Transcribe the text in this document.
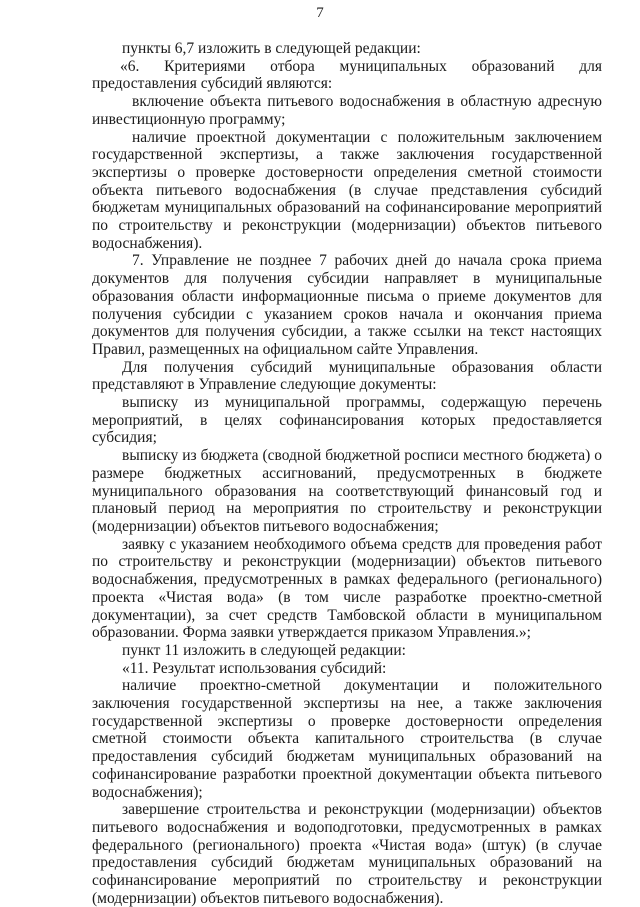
7

пункты 6,7 изложить в следующей редакции:

«6. Критериями отбора муниципальных образований для предоставления субсидий являются:

включение объекта питьевого водоснабжения в областную адресную инвестиционную программу;

наличие проектной документации с положительным заключением государственной экспертизы, а также заключения государственной экспертизы о проверке достоверности определения сметной стоимости объекта питьевого водоснабжения (в случае представления субсидий бюджетам муниципальных образований на софинансирование мероприятий по строительству и реконструкции (модернизации) объектов питьевого водоснабжения).

7. Управление не позднее 7 рабочих дней до начала срока приема документов для получения субсидии направляет в муниципальные образования области информационные письма о приеме документов для получения субсидии с указанием сроков начала и окончания приема документов для получения субсидии, а также ссылки на текст настоящих Правил, размещенных на официальном сайте Управления.

Для получения субсидий муниципальные образования области представляют в Управление следующие документы:

выписку из муниципальной программы, содержащую перечень мероприятий, в целях софинансирования которых предоставляется субсидия;

выписку из бюджета (сводной бюджетной росписи местного бюджета) о размере бюджетных ассигнований, предусмотренных в бюджете муниципального образования на соответствующий финансовый год и плановый период на мероприятия по строительству и реконструкции (модернизации) объектов питьевого водоснабжения;

заявку с указанием необходимого объема средств для проведения работ по строительству и реконструкции (модернизации) объектов питьевого водоснабжения, предусмотренных в рамках федерального (регионального) проекта «Чистая вода» (в том числе разработке проектно-сметной документации), за счет средств Тамбовской области в муниципальном образовании. Форма заявки утверждается приказом Управления.»;

пункт 11 изложить в следующей редакции:

«11. Результат использования субсидий:

наличие проектно-сметной документации и положительного заключения государственной экспертизы на нее, а также заключения государственной экспертизы о проверке достоверности определения сметной стоимости объекта капитального строительства (в случае предоставления субсидий бюджетам муниципальных образований на софинансирование разработки проектной документации объекта питьевого водоснабжения);

завершение строительства и реконструкции (модернизации) объектов питьевого водоснабжения и водоподготовки, предусмотренных в рамках федерального (регионального) проекта «Чистая вода» (штук) (в случае предоставления субсидий бюджетам муниципальных образований на софинансирование мероприятий по строительству и реконструкции (модернизации) объектов питьевого водоснабжения).
